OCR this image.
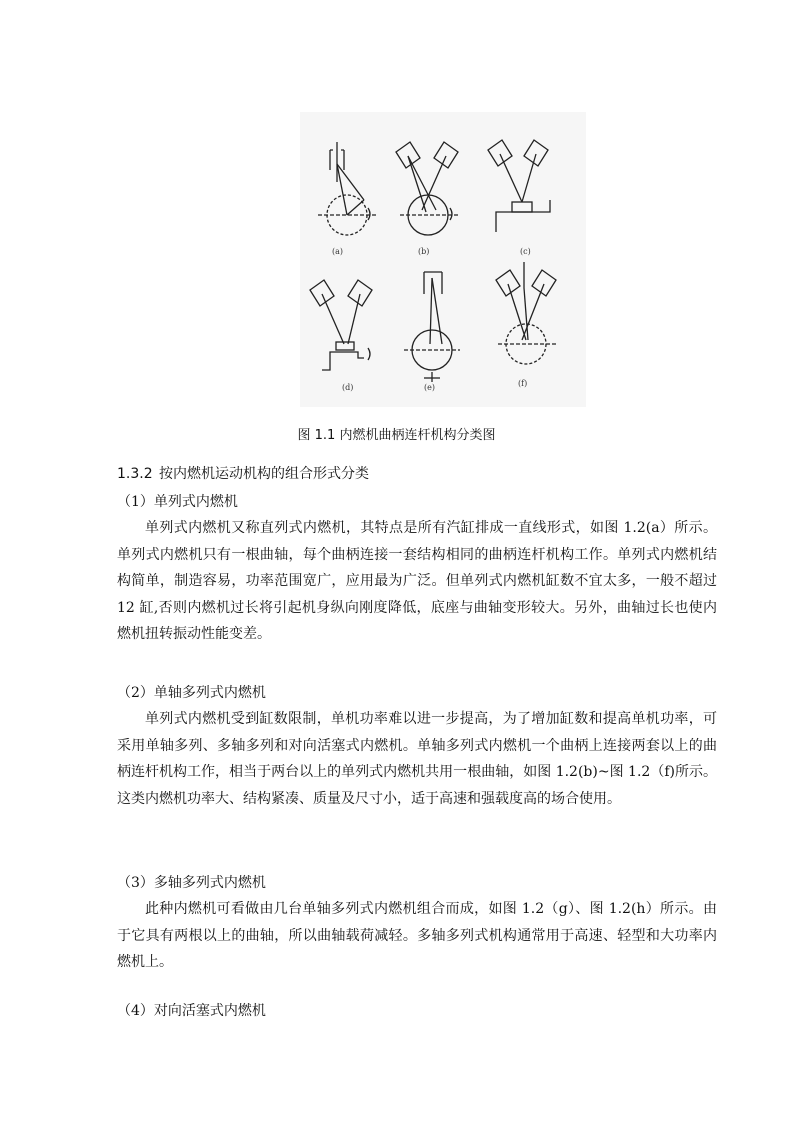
(a)	(b)	(c)
(d)	(e)	(f)
图 1.1 内燃机曲柄连杆机构分类图
1.3.2 按内燃机运动机构的组合形式分类
（1）单列式内燃机

单列式内燃机又称直列式内燃机，其特点是所有汽缸排成一直线形式，如图 1.2(a）所示。单列式内燃机只有一根曲轴，每个曲柄连接一套结构相同的曲柄连杆机构工作。单列式内燃机结构简单，制造容易，功率范围宽广，应用最为广泛。但单列式内燃机缸数不宜太多，一般不超过 12 缸,否则内燃机过长将引起机身纵向刚度降低，底座与曲轴变形较大。另外，曲轴过长也使内燃机扭转振动性能变差。

（2）单轴多列式内燃机

单列式内燃机受到缸数限制，单机功率难以进一步提高，为了增加缸数和提高单机功率，可采用单轴多列、多轴多列和对向活塞式内燃机。单轴多列式内燃机一个曲柄上连接两套以上的曲柄连杆机构工作，相当于两台以上的单列式内燃机共用一根曲轴，如图 1.2(b)~图 1.2（f)所示。这类内燃机功率大、结构紧凑、质量及尺寸小，适于高速和强载度高的场合使用。

（3）多轴多列式内燃机

此种内燃机可看做由几台单轴多列式内燃机组合而成，如图 1.2（g）、图 1.2(h）所示。由于它具有两根以上的曲轴，所以曲轴载荷减轻。多轴多列式机构通常用于高速、轻型和大功率内燃机上。

（4）对向活塞式内燃机
